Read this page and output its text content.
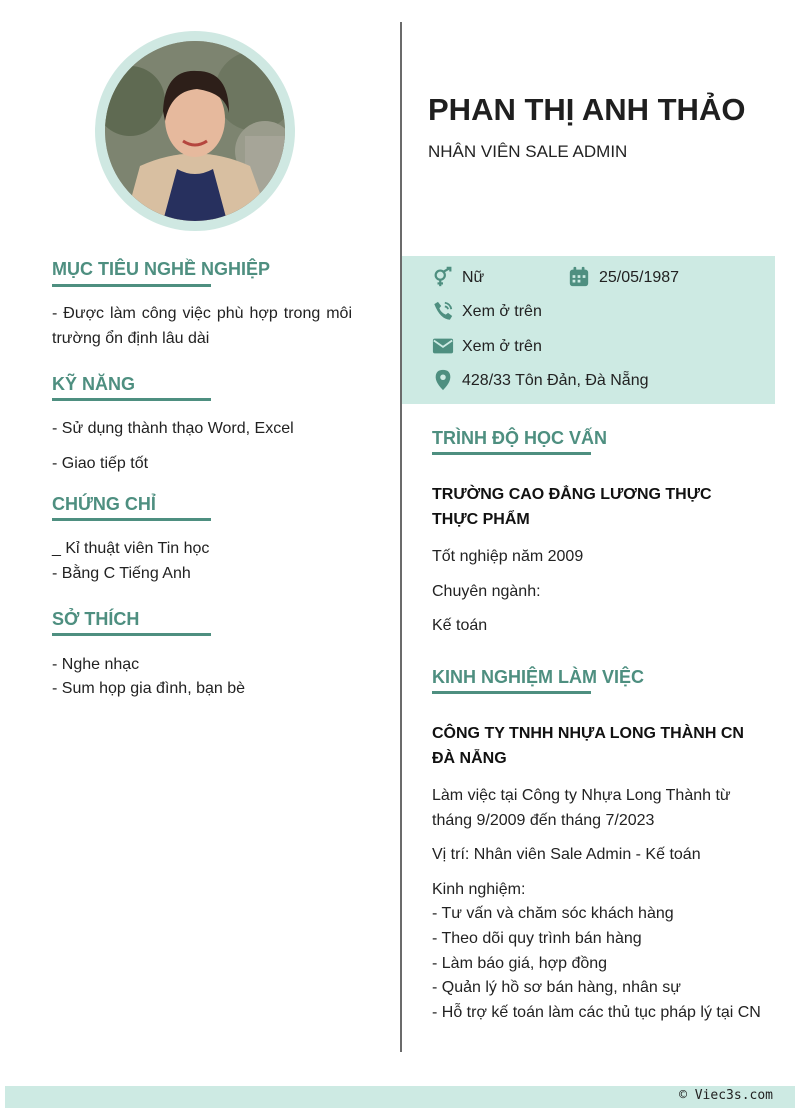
PHAN THỊ ANH THẢO
NHÂN VIÊN SALE ADMIN
Nữ	25/05/1987
Xem ở trên
Xem ở trên
428/33 Tôn Đản, Đà Nẵng
MỤC TIÊU NGHỀ NGHIỆP
- Được làm công việc phù hợp trong môi trường ổn định lâu dài
KỸ NĂNG
- Sử dụng thành thạo Word, Excel
- Giao tiếp tốt
CHỨNG CHỈ
_ Kỉ thuật viên Tin học
- Bằng C Tiếng Anh
SỞ THÍCH
- Nghe nhạc
- Sum họp gia đình, bạn bè
TRÌNH ĐỘ HỌC VẤN
TRƯỜNG CAO ĐẲNG LƯƠNG THỰC THỰC PHẨM
Tốt nghiệp năm 2009
Chuyên ngành:
Kế toán
KINH NGHIỆM LÀM VIỆC
CÔNG TY TNHH NHỰA LONG THÀNH CN ĐÀ NẴNG
Làm việc tại Công ty Nhựa Long Thành từ tháng 9/2009 đến tháng 7/2023
Vị trí: Nhân viên Sale Admin - Kế toán
Kinh nghiệm:
- Tư vấn và chăm sóc khách hàng
- Theo dõi quy trình bán hàng
- Làm báo giá, hợp đồng
- Quản lý hồ sơ bán hàng, nhân sự
- Hỗ trợ kế toán làm các thủ tục pháp lý tại CN
© Viec3s.com
